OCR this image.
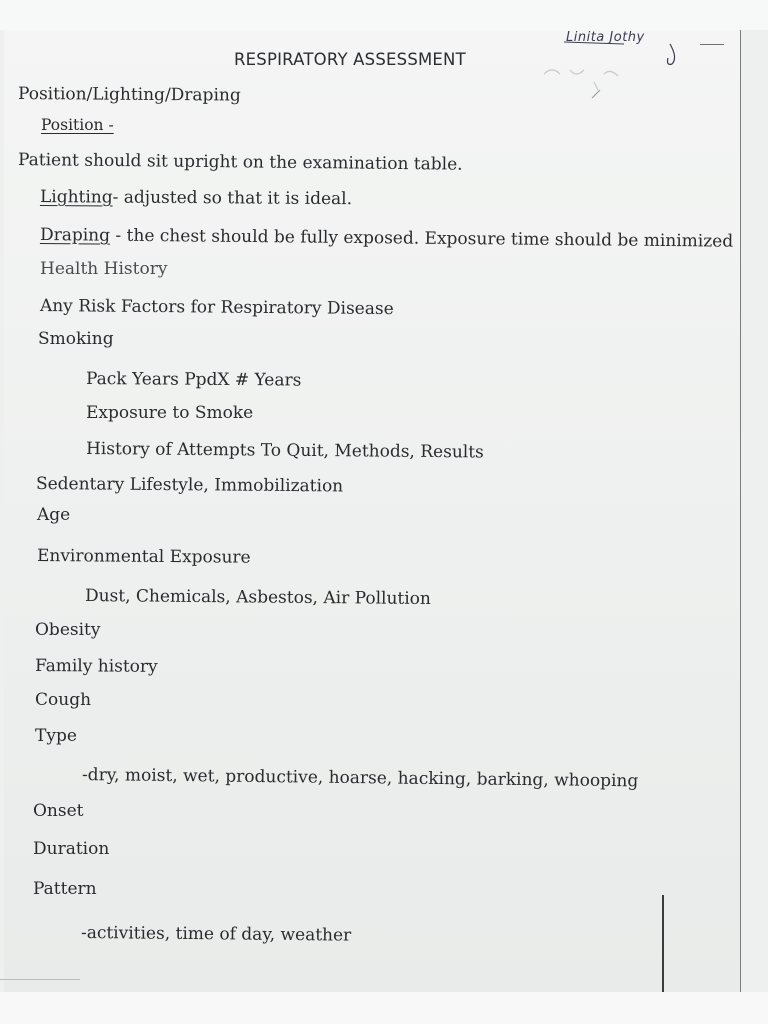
Linita Jothy
RESPIRATORY ASSESSMENT
Position/Lighting/Draping
Position -
Patient should sit upright on the examination table.
Lighting- adjusted so that it is ideal.
Draping - the chest should be fully exposed. Exposure time should be minimized
Health History
Any Risk Factors for Respiratory Disease
Smoking
Pack Years PpdX # Years
Exposure to Smoke
History of Attempts To Quit, Methods, Results
Sedentary Lifestyle, Immobilization
Age
Environmental Exposure
Dust, Chemicals, Asbestos, Air Pollution
Obesity
Family history
Cough
Type
-dry, moist, wet, productive, hoarse, hacking, barking, whooping
Onset
Duration
Pattern
-activities, time of day, weather
